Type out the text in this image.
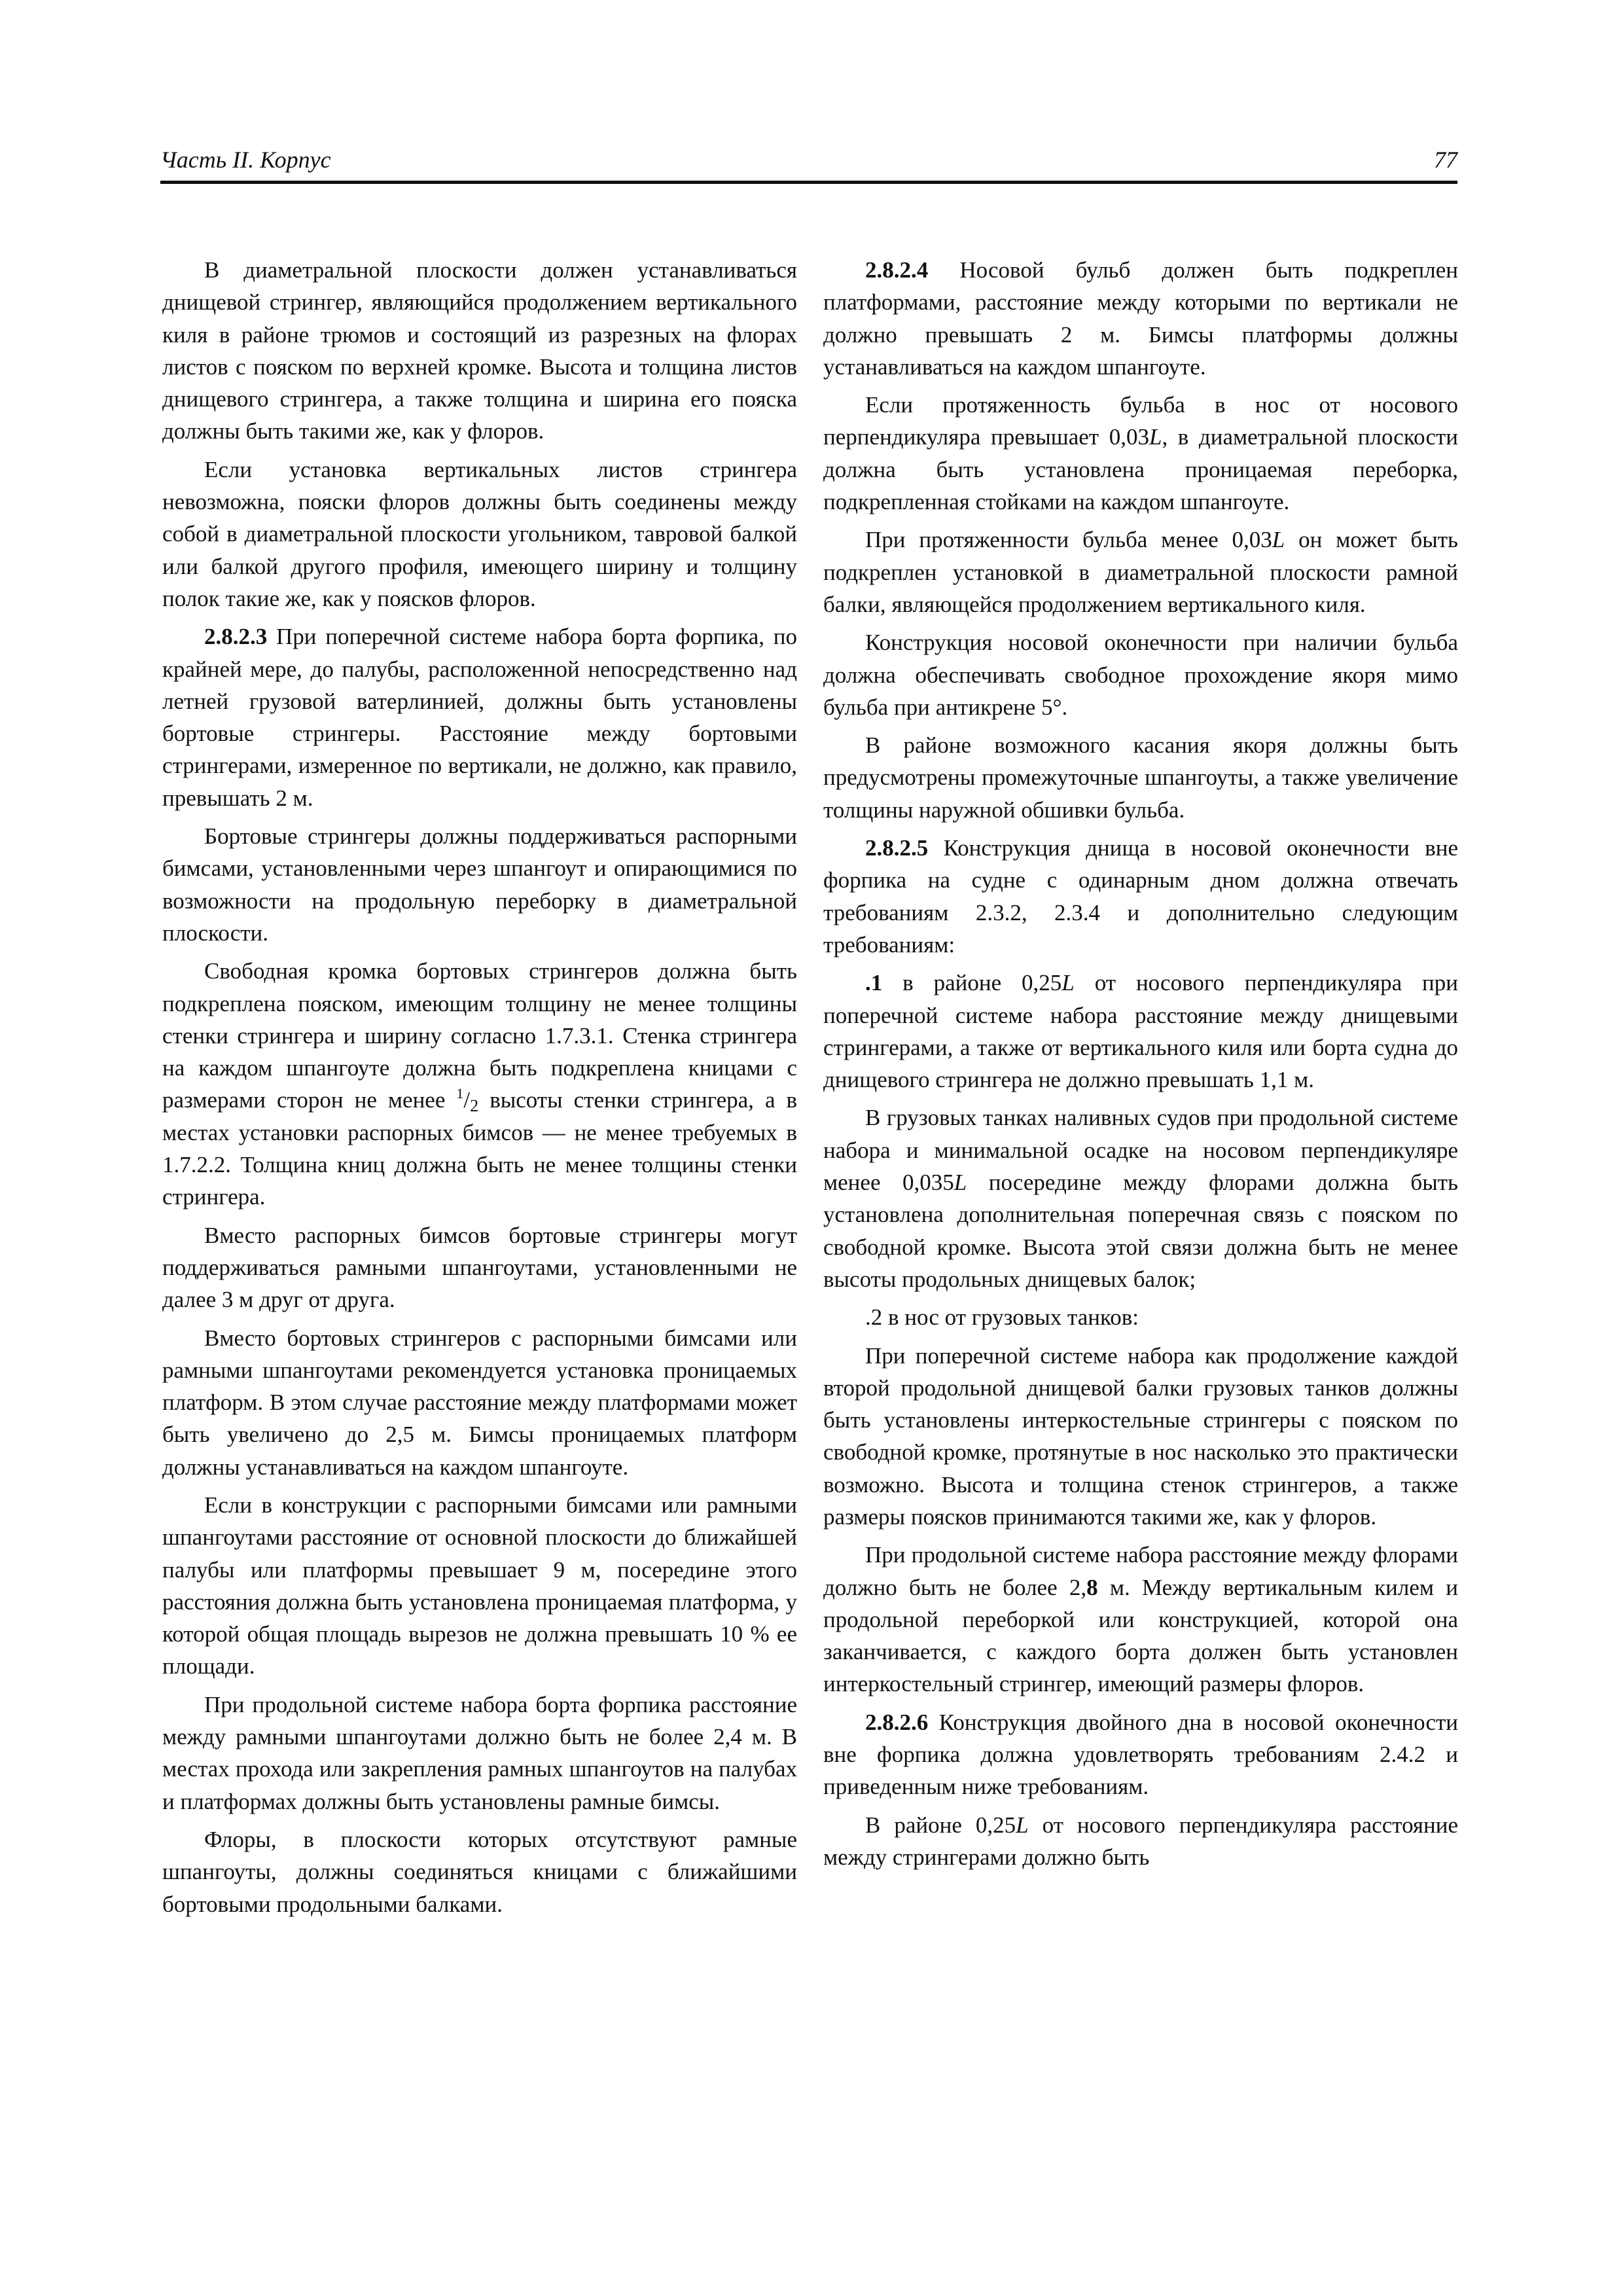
Часть II. Корпус	77

В диаметральной плоскости должен устанавливаться днищевой стрингер, являющийся продолжением вертикального киля в районе трюмов и состоящий из разрезных на флорах листов с пояском по верхней кромке. Высота и толщина листов днищевого стрингера, а также толщина и ширина его пояска должны быть такими же, как у флоров.

Если установка вертикальных листов стрингера невозможна, пояски флоров должны быть соединены между собой в диаметральной плоскости угольником, тавровой балкой или балкой другого профиля, имеющего ширину и толщину полок такие же, как у поясков флоров.

2.8.2.3 При поперечной системе набора борта форпика, по крайней мере, до палубы, расположенной непосредственно над летней грузовой ватерлинией, должны быть установлены бортовые стрингеры. Расстояние между бортовыми стрингерами, измеренное по вертикали, не должно, как правило, превышать 2 м.

Бортовые стрингеры должны поддерживаться распорными бимсами, установленными через шпангоут и опирающимися по возможности на продольную переборку в диаметральной плоскости.

Свободная кромка бортовых стрингеров должна быть подкреплена пояском, имеющим толщину не менее толщины стенки стрингера и ширину согласно 1.7.3.1. Стенка стрингера на каждом шпангоуте должна быть подкреплена кницами с размерами сторон не менее $^1/_2$ высоты стенки стрингера, а в местах установки распорных бимсов — не менее требуемых в 1.7.2.2. Толщина книц должна быть не менее толщины стенки стрингера.

Вместо распорных бимсов бортовые стрингеры могут поддерживаться рамными шпангоутами, установленными не далее 3 м друг от друга.

Вместо бортовых стрингеров с распорными бимсами или рамными шпангоутами рекомендуется установка проницаемых платформ. В этом случае расстояние между платформами может быть увеличено до 2,5 м. Бимсы проницаемых платформ должны устанавливаться на каждом шпангоуте.

Если в конструкции с распорными бимсами или рамными шпангоутами расстояние от основной плоскости до ближайшей палубы или платформы превышает 9 м, посередине этого расстояния должна быть установлена проницаемая платформа, у которой общая площадь вырезов не должна превышать 10 % ее площади.

При продольной системе набора борта форпика расстояние между рамными шпангоутами должно быть не более 2,4 м. В местах прохода или закрепления рамных шпангоутов на палубах и платформах должны быть установлены рамные бимсы.

Флоры, в плоскости которых отсутствуют рамные шпангоуты, должны соединяться кницами с ближайшими бортовыми продольными балками.

2.8.2.4 Носовой бульб должен быть подкреплен платформами, расстояние между которыми по вертикали не должно превышать 2 м. Бимсы платформы должны устанавливаться на каждом шпангоуте.

Если протяженность бульба в нос от носового перпендикуляра превышает 0,03L, в диаметральной плоскости должна быть установлена проницаемая переборка, подкрепленная стойками на каждом шпангоуте.

При протяженности бульба менее 0,03L он может быть подкреплен установкой в диаметральной плоскости рамной балки, являющейся продолжением вертикального киля.

Конструкция носовой оконечности при наличии бульба должна обеспечивать свободное прохождение якоря мимо бульба при антикрене 5°.

В районе возможного касания якоря должны быть предусмотрены промежуточные шпангоуты, а также увеличение толщины наружной обшивки бульба.

2.8.2.5 Конструкция днища в носовой оконечности вне форпика на судне с одинарным дном должна отвечать требованиям 2.3.2, 2.3.4 и дополнительно следующим требованиям:

.1 в районе 0,25L от носового перпендикуляра при поперечной системе набора расстояние между днищевыми стрингерами, а также от вертикального киля или борта судна до днищевого стрингера не должно превышать 1,1 м.

В грузовых танках наливных судов при продольной системе набора и минимальной осадке на носовом перпендикуляре менее 0,035L посередине между флорами должна быть установлена дополнительная поперечная связь с пояском по свободной кромке. Высота этой связи должна быть не менее высоты продольных днищевых балок;

.2 в нос от грузовых танков:

При поперечной системе набора как продолжение каждой второй продольной днищевой балки грузовых танков должны быть установлены интеркостельные стрингеры с пояском по свободной кромке, протянутые в нос насколько это практически возможно. Высота и толщина стенок стрингеров, а также размеры поясков принимаются такими же, как у флоров.

При продольной системе набора расстояние между флорами должно быть не более 2,8 м. Между вертикальным килем и продольной переборкой или конструкцией, которой она заканчивается, с каждого борта должен быть установлен интеркостельный стрингер, имеющий размеры флоров.

2.8.2.6 Конструкция двойного дна в носовой оконечности вне форпика должна удовлетворять требованиям 2.4.2 и приведенным ниже требованиям.

В районе 0,25L от носового перпендикуляра расстояние между стрингерами должно быть
